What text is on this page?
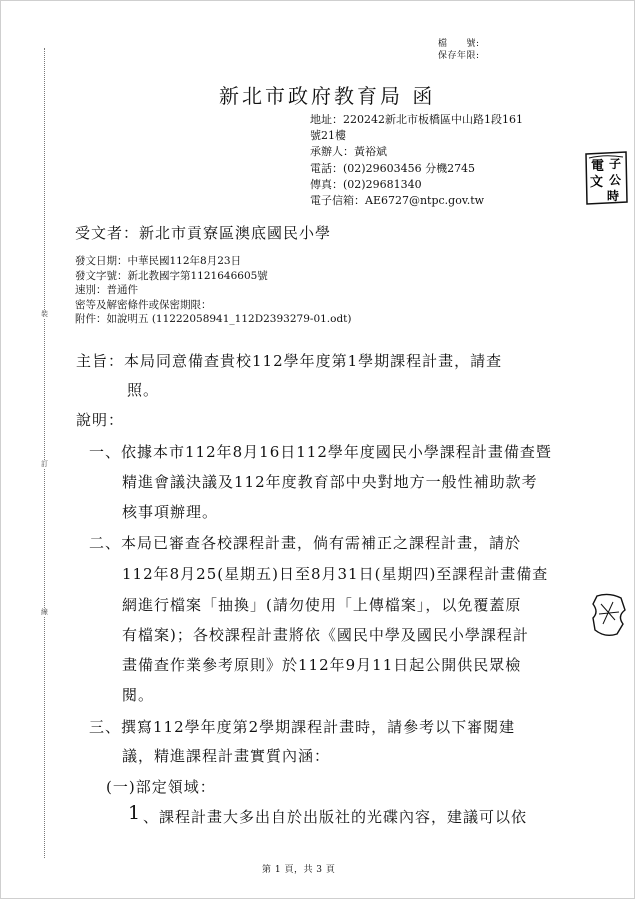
裝
訂
線
檔　　號:
保存年限:
新北市政府教育局 函
地址：220242新北市板橋區中山路1段161
號21樓
承辦人：黃裕斌
電話：(02)29603456 分機2745
傳真：(02)29681340
電子信箱：AE6727@ntpc.gov.tw
電 子
文 公
時
受文者：新北市貢寮區澳底國民小學
發文日期：中華民國112年8月23日
發文字號：新北教國字第1121646605號
速別：普通件
密等及解密條件或保密期限：
附件：如說明五 (11222058941_112D2393279-01.odt)
主旨：本局同意備查貴校112學年度第1學期課程計畫，請查
照。
說明：
一、依據本市112年8月16日112學年度國民小學課程計畫備查暨
精進會議決議及112年度教育部中央對地方一般性補助款考
核事項辦理。
二、本局已審查各校課程計畫，倘有需補正之課程計畫，請於
112年8月25(星期五)日至8月31日(星期四)至課程計畫備查
網進行檔案「抽換」(請勿使用「上傳檔案」，以免覆蓋原
有檔案)；各校課程計畫將依《國民中學及國民小學課程計
畫備查作業參考原則》於112年9月11日起公開供民眾檢
閱。
三、撰寫112學年度第2學期課程計畫時，請參考以下審閱建
議，精進課程計畫實質內涵：
(一)部定領域：
1 、課程計畫大多出自於出版社的光碟內容，建議可以依
第 1 頁，共 3 頁
